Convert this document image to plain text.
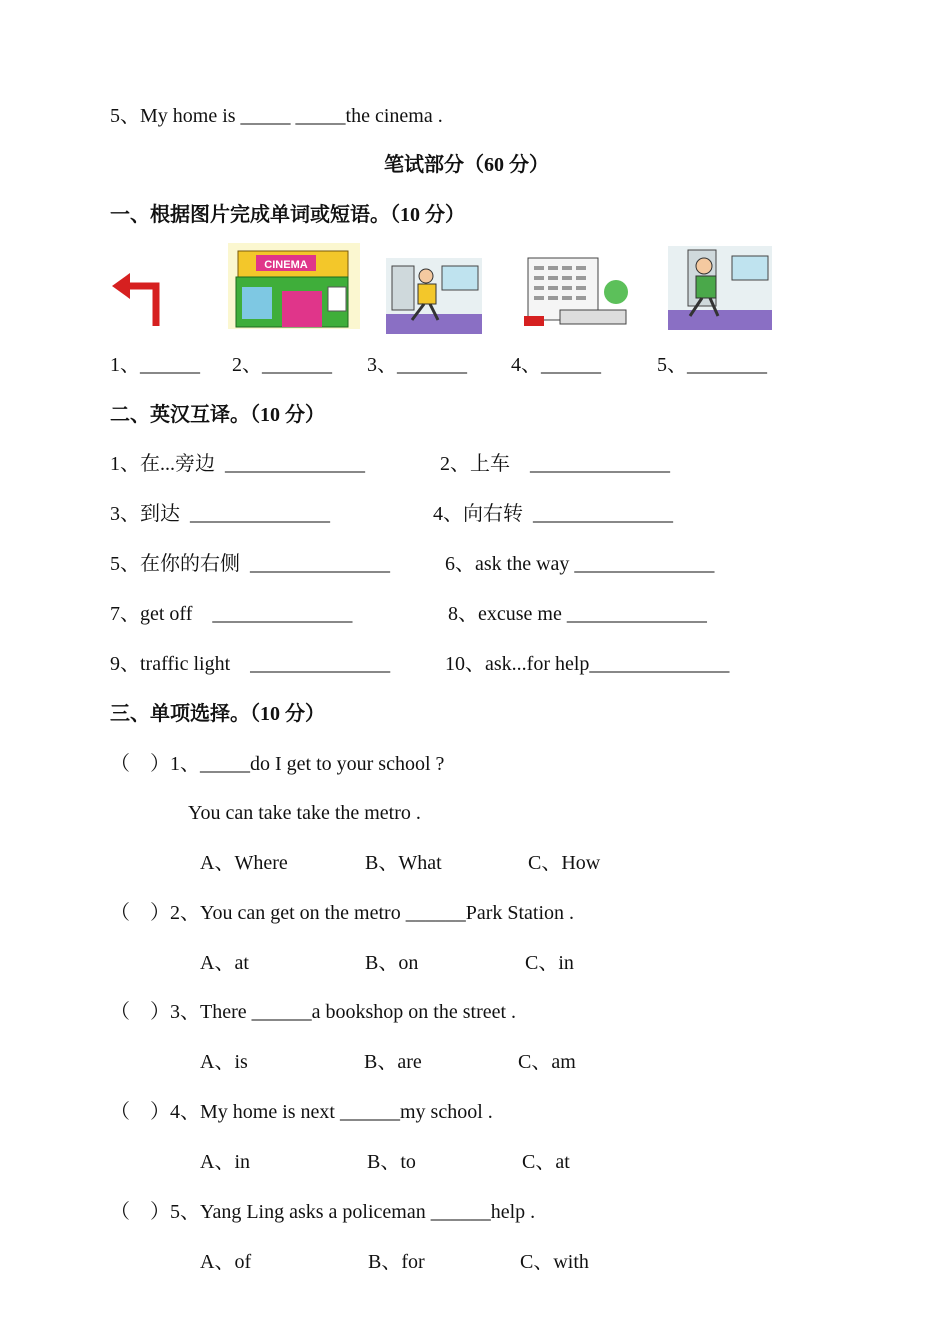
5、My home is _____ _____the cinema .
笔试部分（60 分）
一、根据图片完成单词或短语。（10 分）
CINEMA
1、______ 2、_______ 3、_______ 4、______	5、________
二、英汉互译。（10 分）
1、在...旁边  ______________	2、上车    ______________
3、到达  ______________	4、向右转  ______________
5、在你的右侧  ______________	6、ask the way ______________
7、get off    ______________	8、excuse me ______________
9、traffic light    ______________	10、ask...for help______________
三、单项选择。（10 分）
（    ）1、_____do I get to your school ?
You can take take the metro .
A、Where	B、What	C、How
（    ）2、You can get on the metro ______Park Station .
A、at	B、on	C、in
（    ）3、There ______a bookshop on the street .
A、is	B、are	C、am
（    ）4、My home is next ______my school .
A、in	B、to	C、at
（    ）5、Yang Ling asks a policeman ______help .
A、of	B、for	C、with
